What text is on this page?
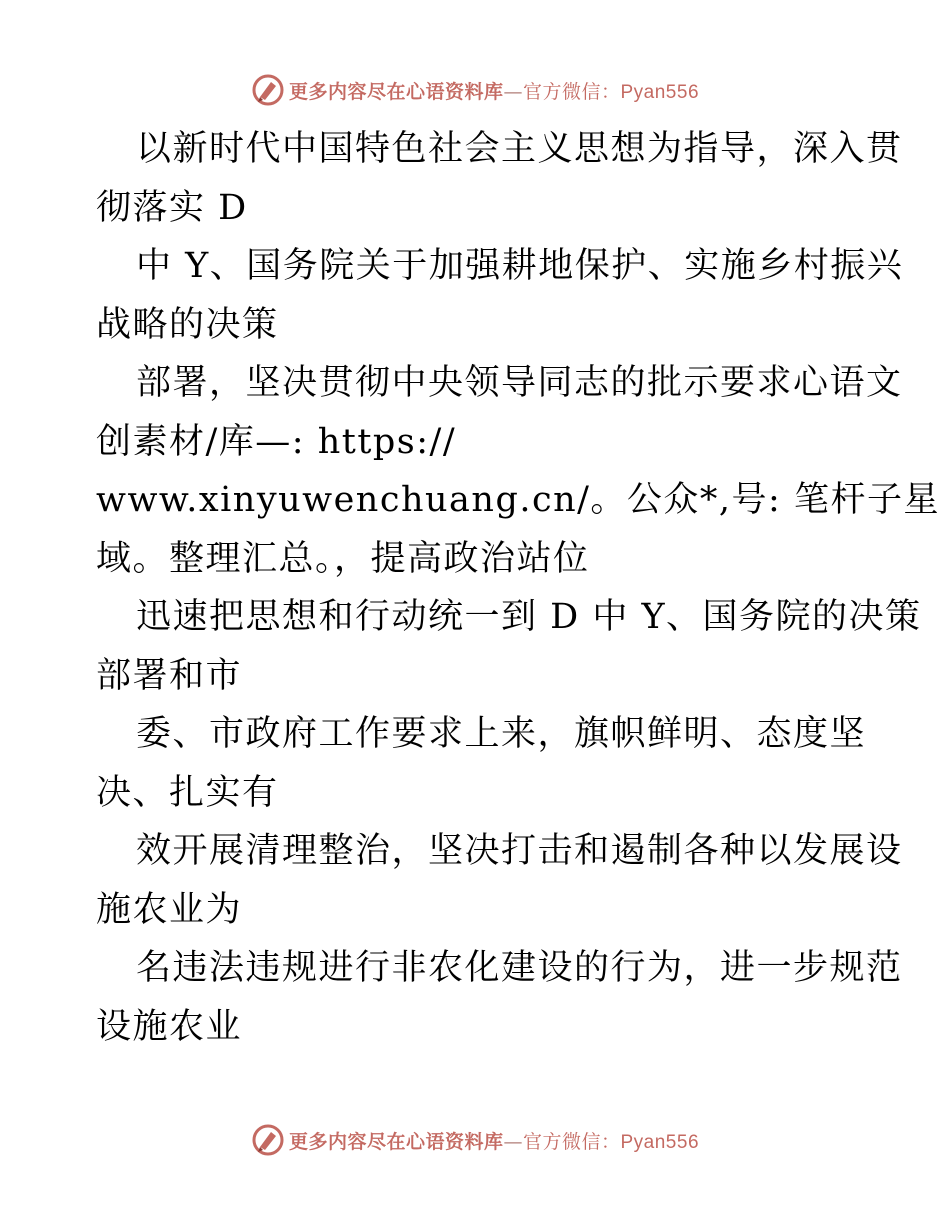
更多内容尽在心语资料库—官方微信：Pyan556
以新时代中国特色社会主义思想为指导，深入贯
彻落实 D
中 Y、国务院关于加强耕地保护、实施乡村振兴
战略的决策
部署，坚决贯彻中央领导同志的批示要求心语文
创素材/库—: https://
www.xinyuwenchuang.cn/。公众*,号: 笔杆子星
域。整理汇总。，提高政治站位
迅速把思想和行动统一到 D 中 Y、国务院的决策
部署和市
委、市政府工作要求上来，旗帜鲜明、态度坚
决、扎实有
效开展清理整治，坚决打击和遏制各种以发展设
施农业为
名违法违规进行非农化建设的行为，进一步规范
设施农业
更多内容尽在心语资料库—官方微信：Pyan556
